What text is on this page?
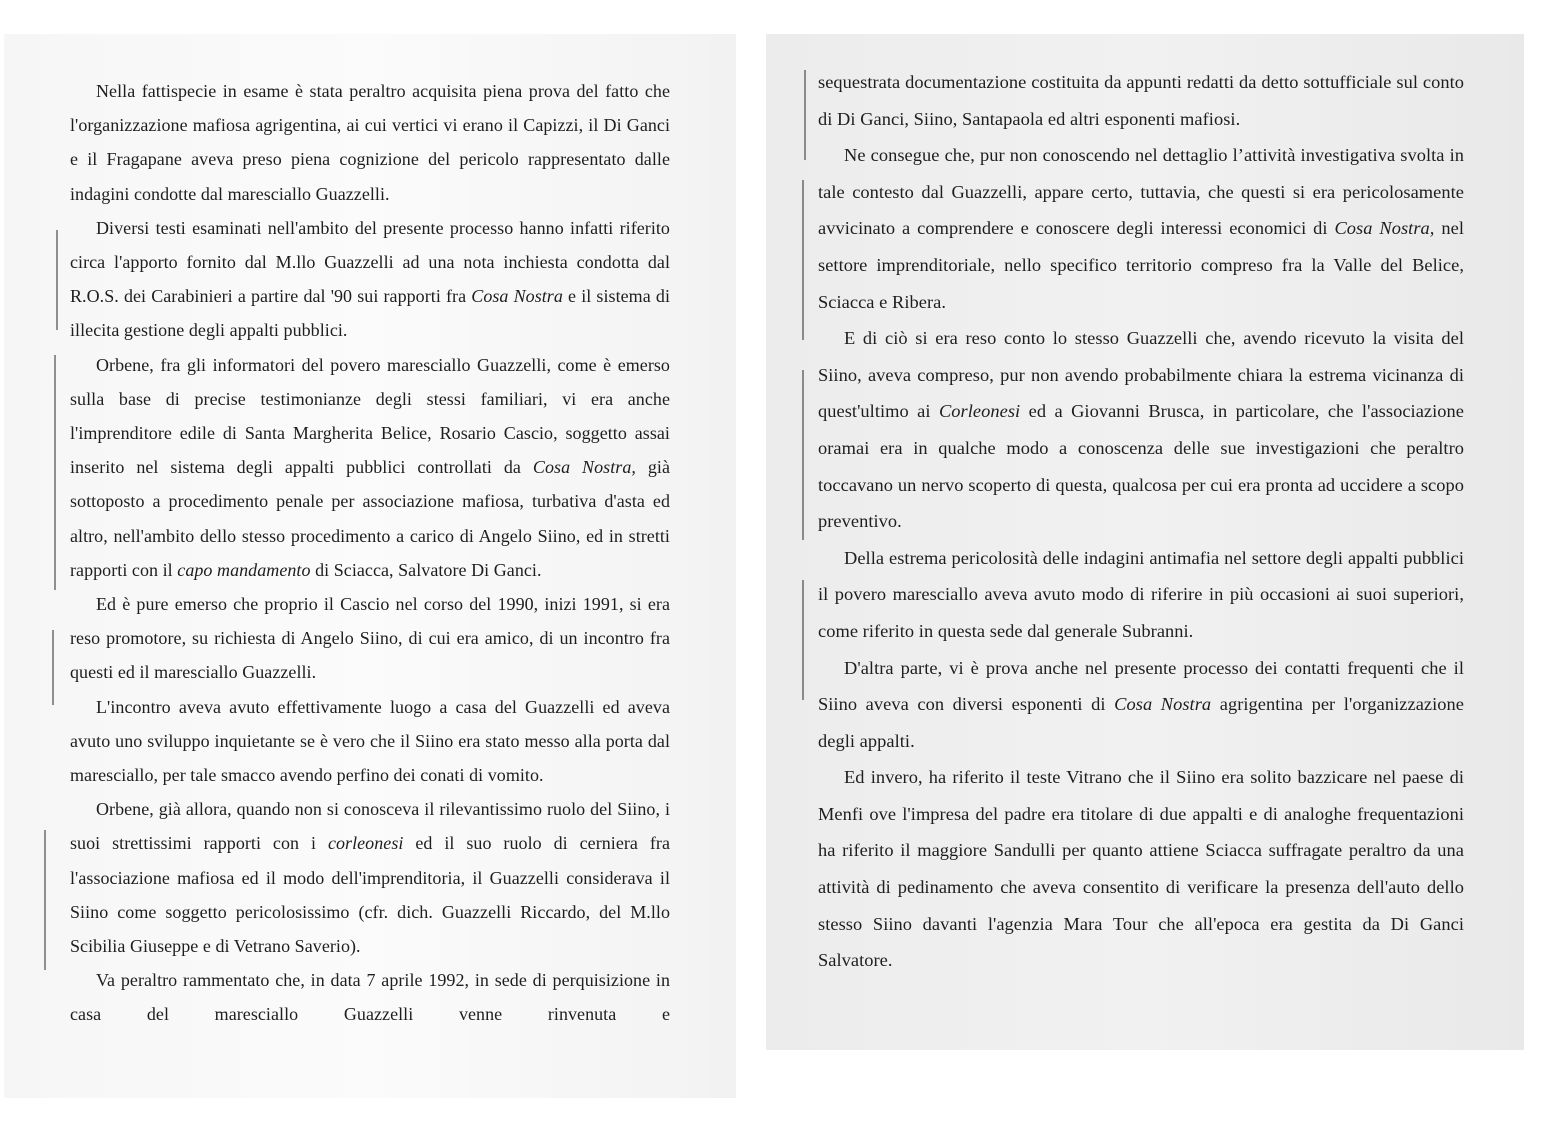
Nella fattispecie in esame è stata peraltro acquisita piena prova del fatto che l'organizzazione mafiosa agrigentina, ai cui vertici vi erano il Capizzi, il Di Ganci e il Fragapane aveva preso piena cognizione del pericolo rappresentato dalle indagini condotte dal maresciallo Guazzelli.

Diversi testi esaminati nell'ambito del presente processo hanno infatti riferito circa l'apporto fornito dal M.llo Guazzelli ad una nota inchiesta condotta dal R.O.S. dei Carabinieri a partire dal '90 sui rapporti fra Cosa Nostra e il sistema di illecita gestione degli appalti pubblici.

Orbene, fra gli informatori del povero maresciallo Guazzelli, come è emerso sulla base di precise testimonianze degli stessi familiari, vi era anche l'imprenditore edile di Santa Margherita Belice, Rosario Cascio, soggetto assai inserito nel sistema degli appalti pubblici controllati da Cosa Nostra, già sottoposto a procedimento penale per associazione mafiosa, turbativa d'asta ed altro, nell'ambito dello stesso procedimento a carico di Angelo Siino, ed in stretti rapporti con il capo mandamento di Sciacca, Salvatore Di Ganci.

Ed è pure emerso che proprio il Cascio nel corso del 1990, inizi 1991, si era reso promotore, su richiesta di Angelo Siino, di cui era amico, di un incontro fra questi ed il maresciallo Guazzelli.

L'incontro aveva avuto effettivamente luogo a casa del Guazzelli ed aveva avuto uno sviluppo inquietante se è vero che il Siino era stato messo alla porta dal maresciallo, per tale smacco avendo perfino dei conati di vomito.

Orbene, già allora, quando non si conosceva il rilevantissimo ruolo del Siino, i suoi strettissimi rapporti con i corleonesi ed il suo ruolo di cerniera fra l'associazione mafiosa ed il modo dell'imprenditoria, il Guazzelli considerava il Siino come soggetto pericolosissimo (cfr. dich. Guazzelli Riccardo, del M.llo Scibilia Giuseppe e di Vetrano Saverio).

Va peraltro rammentato che, in data 7 aprile 1992, in sede di perquisizione in casa del maresciallo Guazzelli venne rinvenuta e

sequestrata documentazione costituita da appunti redatti da detto sottufficiale sul conto di Di Ganci, Siino, Santapaola ed altri esponenti mafiosi.

Ne consegue che, pur non conoscendo nel dettaglio l’attività investigativa svolta in tale contesto dal Guazzelli, appare certo, tuttavia, che questi si era pericolosamente avvicinato a comprendere e conoscere degli interessi economici di Cosa Nostra, nel settore imprenditoriale, nello specifico territorio compreso fra la Valle del Belice, Sciacca e Ribera.

E di ciò si era reso conto lo stesso Guazzelli che, avendo ricevuto la visita del Siino, aveva compreso, pur non avendo probabilmente chiara la estrema vicinanza di quest'ultimo ai Corleonesi ed a Giovanni Brusca, in particolare, che l'associazione oramai era in qualche modo a conoscenza delle sue investigazioni che peraltro toccavano un nervo scoperto di questa, qualcosa per cui era pronta ad uccidere a scopo preventivo.

Della estrema pericolosità delle indagini antimafia nel settore degli appalti pubblici il povero maresciallo aveva avuto modo di riferire in più occasioni ai suoi superiori, come riferito in questa sede dal generale Subranni.

D'altra parte, vi è prova anche nel presente processo dei contatti frequenti che il Siino aveva con diversi esponenti di Cosa Nostra agrigentina per l'organizzazione degli appalti.

Ed invero, ha riferito il teste Vitrano che il Siino era solito bazzicare nel paese di Menfi ove l'impresa del padre era titolare di due appalti e di analoghe frequentazioni ha riferito il maggiore Sandulli per quanto attiene Sciacca suffragate peraltro da una attività di pedinamento che aveva consentito di verificare la presenza dell'auto dello stesso Siino davanti l'agenzia Mara Tour che all'epoca era gestita da Di Ganci Salvatore.
